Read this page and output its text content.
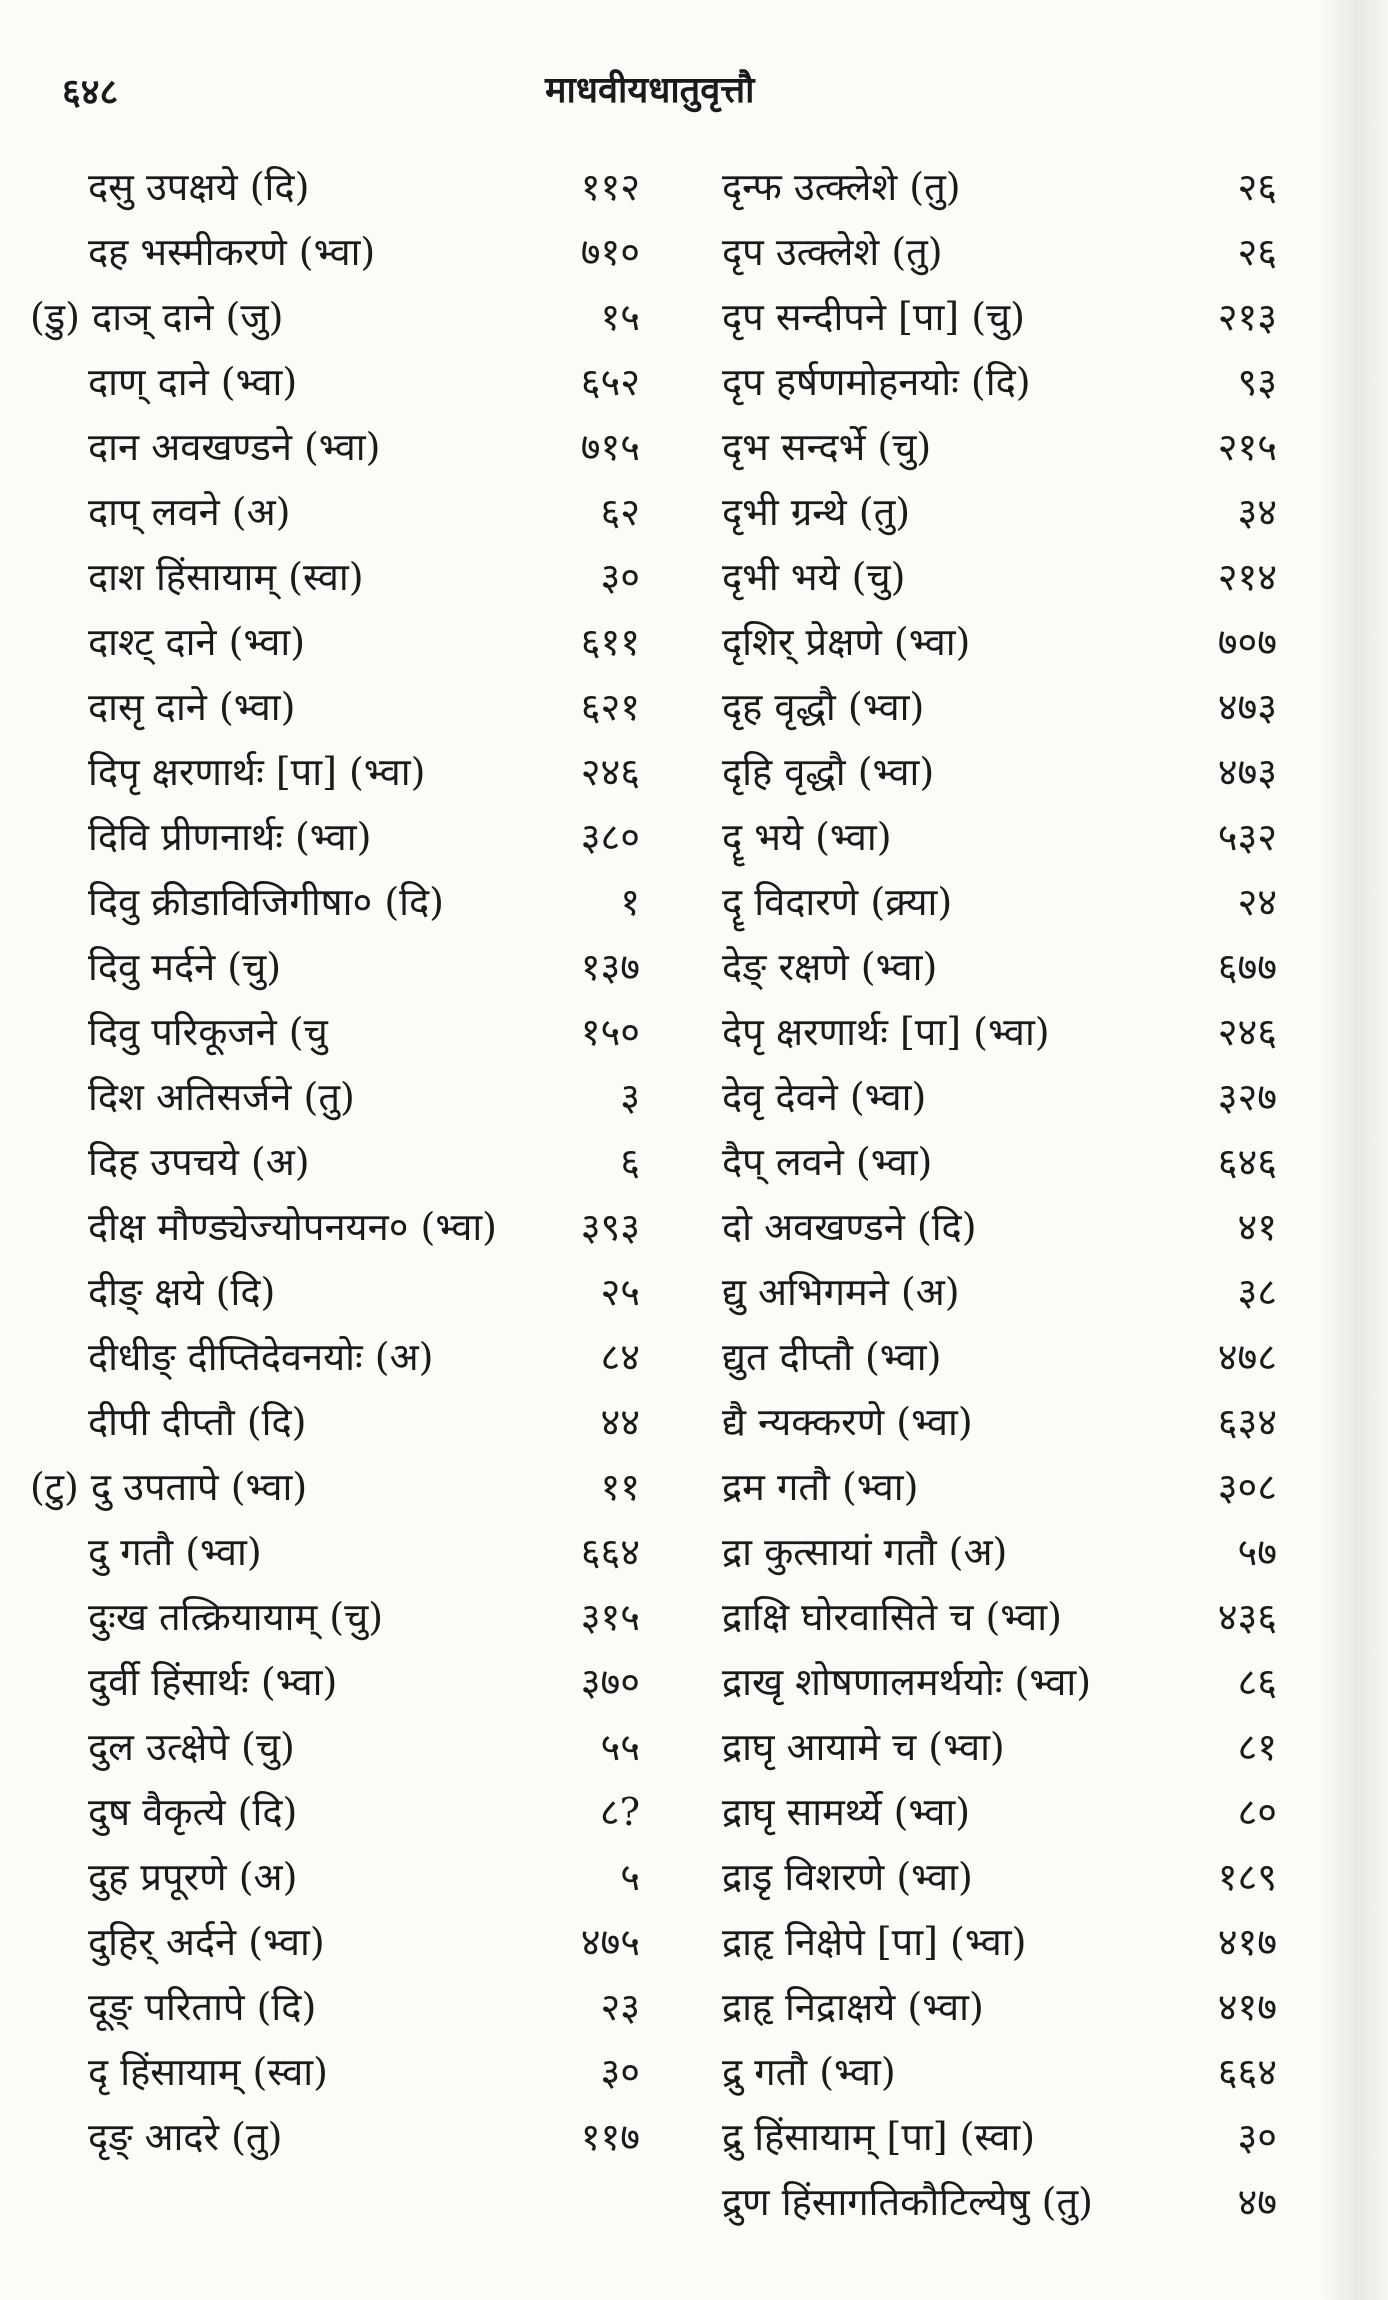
६४८	माधवीयधातुवृत्तौ
दसु उपक्षये (दि)	११२
दह भस्मीकरणे (भ्वा)	७१०
(डु) दाञ् दाने (जु)	१५
दाण् दाने (भ्वा)	६५२
दान अवखण्डने (भ्वा)	७१५
दाप् लवने (अ)	६२
दाश हिंसायाम् (स्वा)	३०
दाश्ट् दाने (भ्वा)	६११
दासृ दाने (भ्वा)	६२१
दिपृ क्षरणार्थः [पा] (भ्वा)	२४६
दिवि प्रीणनार्थः (भ्वा)	३८०
दिवु क्रीडाविजिगीषा० (दि)	१
दिवु मर्दने (चु)	१३७
दिवु परिकूजने (चु	१५०
दिश अतिसर्जने (तु)	३
दिह उपचये (अ)	६
दीक्ष मौण्ड्येज्योपनयन० (भ्वा) ३९३
दीङ् क्षये (दि)	२५
दीधीङ् दीप्तिदेवनयोः (अ)	८४
दीपी दीप्तौ (दि)	४४
(टु) दु उपतापे (भ्वा)	११
दु गतौ (भ्वा)	६६४
दुःख तत्क्रियायाम् (चु)	३१५
दुर्वी हिंसार्थः (भ्वा)	३७०
दुल उत्क्षेपे (चु)	५५
दुष वैकृत्ये (दि)	८?
दुह प्रपूरणे (अ)	५
दुहिर् अर्दने (भ्वा)	४७५
दूङ् परितापे (दि)	२३
दृ हिंसायाम् (स्वा)	३०
दृङ् आदरे (तु)	११७
दृन्फ उत्क्लेशे (तु)	२६
दृप उत्क्लेशे (तु)	२६
दृप सन्दीपने [पा] (चु)	२१३
दृप हर्षणमोहनयोः (दि)	९३
दृभ सन्दर्भे (चु)	२१५
दृभी ग्रन्थे (तु)	३४
दृभी भये (चु)	२१४
दृशिर् प्रेक्षणे (भ्वा)	७०७
दृह वृद्धौ (भ्वा)	४७३
दृहि वृद्धौ (भ्वा)	४७३
दॄ भये (भ्वा)	५३२
दॄ विदारणे (क्र्या)	२४
देङ् रक्षणे (भ्वा)	६७७
देपृ क्षरणार्थः [पा] (भ्वा)	२४६
देवृ देवने (भ्वा)	३२७
दैप् लवने (भ्वा)	६४६
दो अवखण्डने (दि)	४१
द्यु अभिगमने (अ)	३८
द्युत दीप्तौ (भ्वा)	४७८
द्यै न्यक्करणे (भ्वा)	६३४
द्रम गतौ (भ्वा)	३०८
द्रा कुत्सायां गतौ (अ)	५७
द्राक्षि घोरवासिते च (भ्वा)	४३६
द्राखृ शोषणालमर्थयोः (भ्वा)	८६
द्राघृ आयामे च (भ्वा)	८१
द्राघृ सामर्थ्ये (भ्वा)	८०
द्राडृ विशरणे (भ्वा)	१८९
द्राहृ निक्षेपे [पा] (भ्वा)	४१७
द्राहृ निद्राक्षये (भ्वा)	४१७
द्रु गतौ (भ्वा)	६६४
द्रु हिंसायाम् [पा] (स्वा)	३०
द्रुण हिंसागतिकौटिल्येषु (तु)	४७
